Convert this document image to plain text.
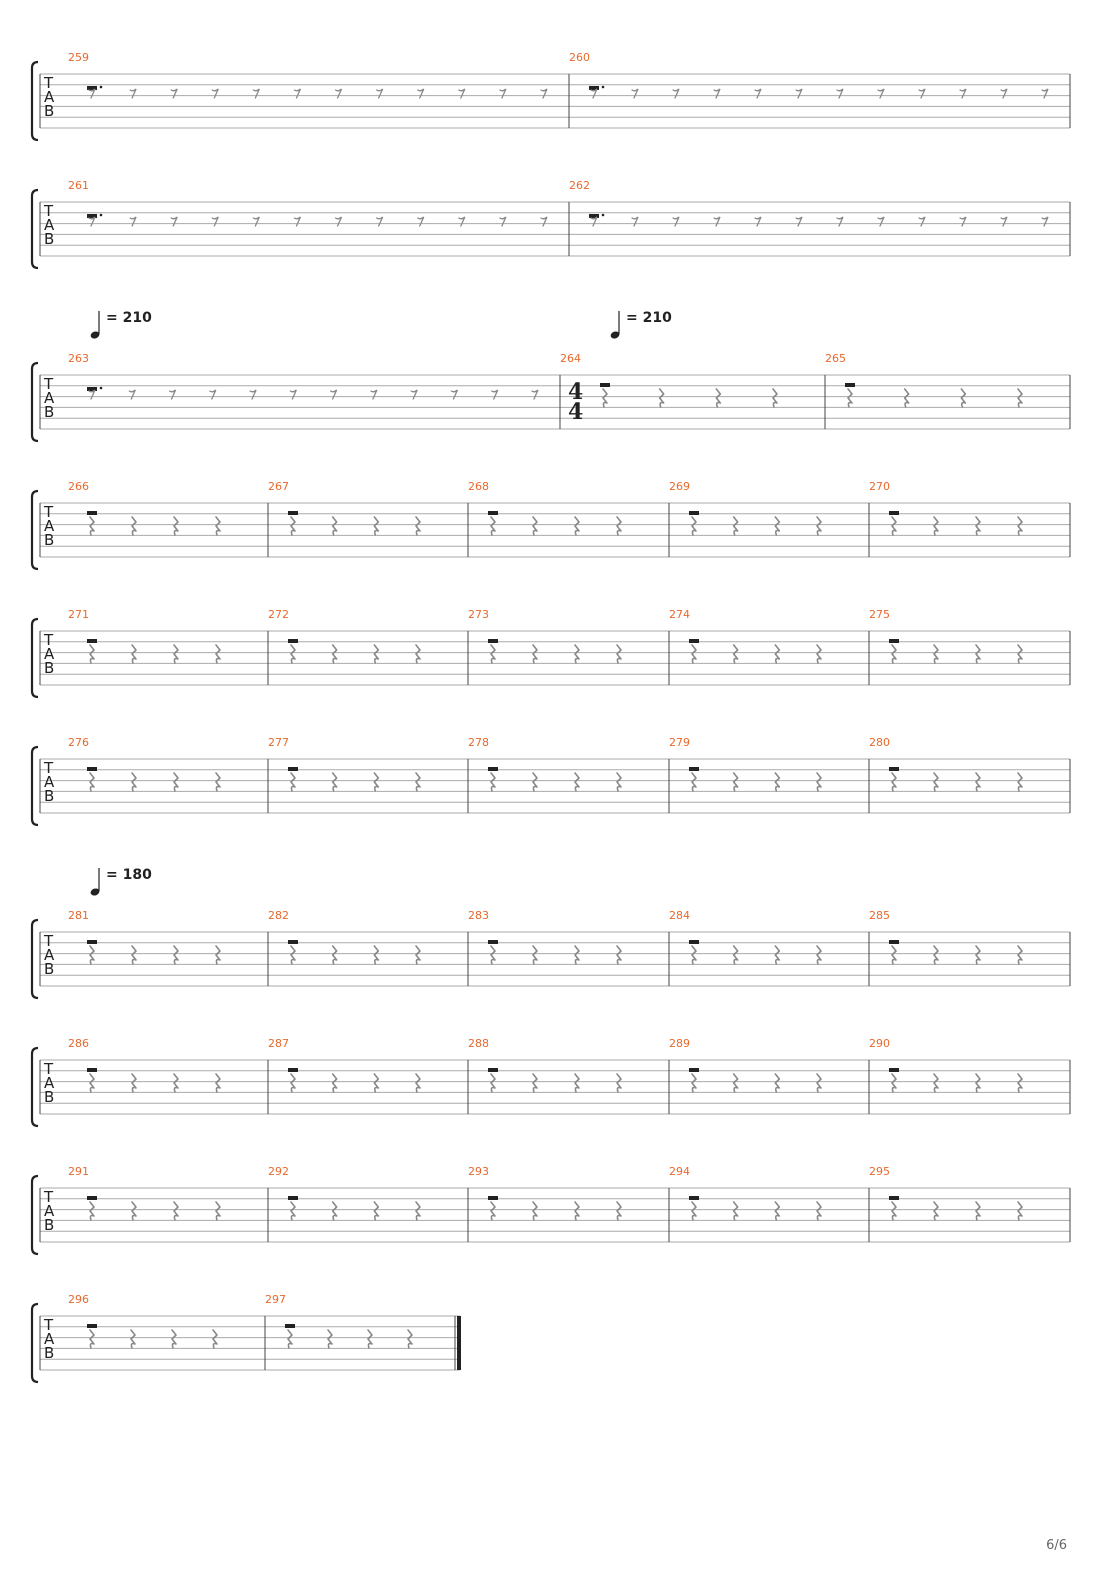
T
A
B
259	260
T
A
B
261	262
T
A
B
= 210	= 210
263	264
4
4
265
T
A
B
266	267	268	269	270
T
A
B
271	272	273	274	275
T
A
B
276	277	278	279	280
T
A
B
= 180
281	282	283	284	285
T
A
B
286	287	288	289	290
T
A
B
291	292	293	294	295
T
A
B
296	297
6/6
